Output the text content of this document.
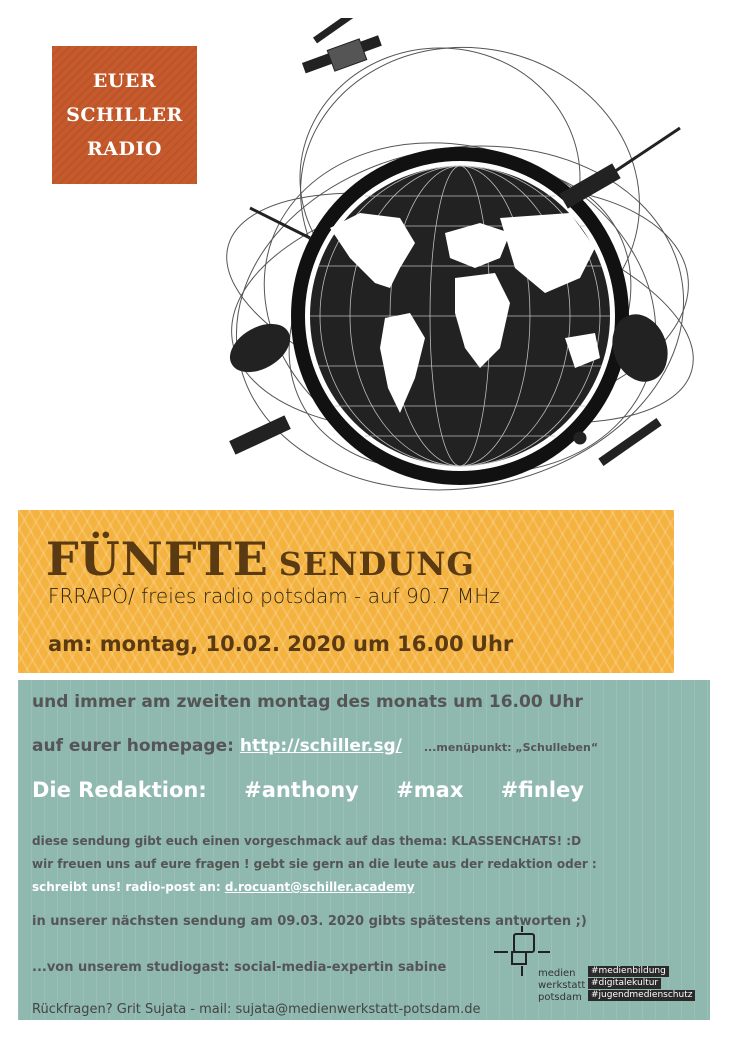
EUER
SCHILLER
RADIO
FÜNFTE SENDUNG
FRRAPÒ/ freies radio potsdam - auf 90.7 MHz
am: montag, 10.02. 2020 um 16.00 Uhr
und immer am zweiten montag des monats um 16.00 Uhr
auf eurer homepage: http://schiller.sg/ ...menüpunkt: „Schulleben“
Die Redaktion: #anthony #max #finley
diese sendung gibt euch einen vorgeschmack auf das thema: KLASSENCHATS! :D
wir freuen uns auf eure fragen ! gebt sie gern an die leute aus der redaktion oder :
schreibt uns! radio-post an: d.rocuant@schiller.academy
in unserer nächsten sendung am 09.03. 2020 gibts spätestens antworten ;)
...von unserem studiogast: social-media-expertin sabine
Rückfragen? Grit Sujata - mail: sujata@medienwerkstatt-potsdam.de
medien
werkstatt
potsdam
#medienbildung
#digitalekultur
#jugendmedienschutz
